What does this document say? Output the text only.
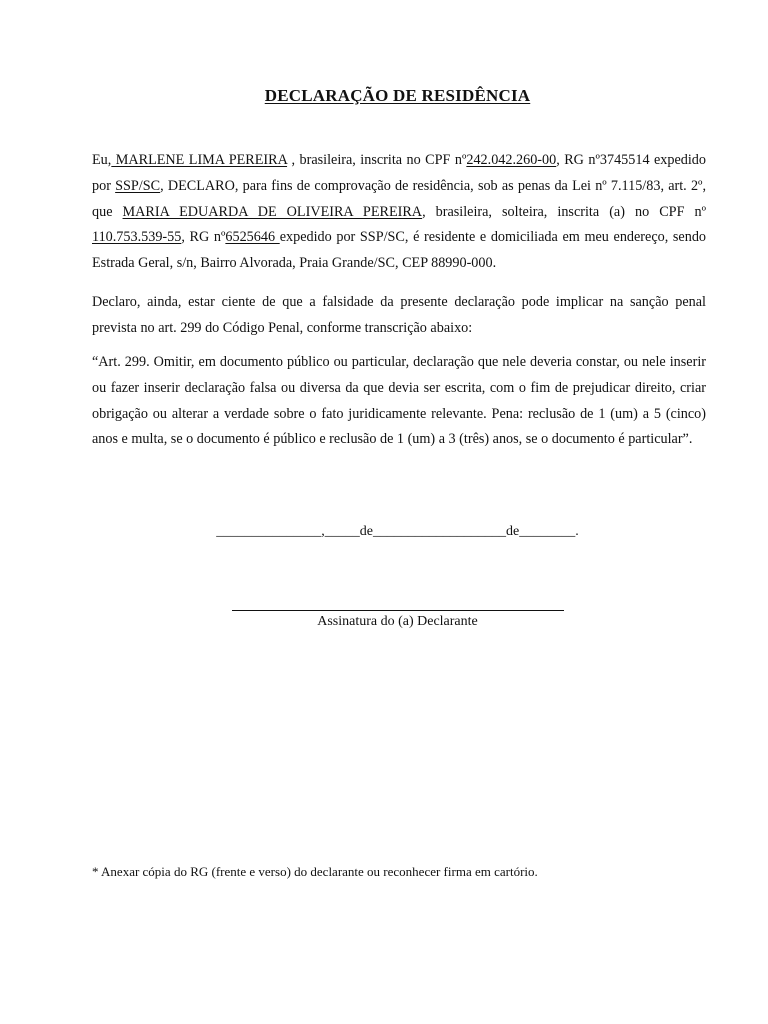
DECLARAÇÃO DE RESIDÊNCIA
Eu, MARLENE LIMA PEREIRA , brasileira, inscrita no CPF nº242.042.260-00, RG nº3745514 expedido por SSP/SC, DECLARO, para fins de comprovação de residência, sob as penas da Lei nº 7.115/83, art. 2º, que MARIA EDUARDA DE OLIVEIRA PEREIRA, brasileira, solteira, inscrita (a) no CPF nº 110.753.539-55, RG nº6525646 expedido por SSP/SC, é residente e domiciliada em meu endereço, sendo Estrada Geral, s/n, Bairro Alvorada, Praia Grande/SC, CEP 88990-000.
Declaro, ainda, estar ciente de que a falsidade da presente declaração pode implicar na sanção penal prevista no art. 299 do Código Penal, conforme transcrição abaixo:
“Art. 299. Omitir, em documento público ou particular, declaração que nele deveria constar, ou nele inserir ou fazer inserir declaração falsa ou diversa da que devia ser escrita, com o fim de prejudicar direito, criar obrigação ou alterar a verdade sobre o fato juridicamente relevante. Pena: reclusão de 1 (um) a 5 (cinco) anos e multa, se o documento é público e reclusão de 1 (um) a 3 (três) anos, se o documento é particular”.
_______________,_____de___________________de________.
Assinatura do (a) Declarante
* Anexar cópia do RG (frente e verso) do declarante ou reconhecer firma em cartório.
